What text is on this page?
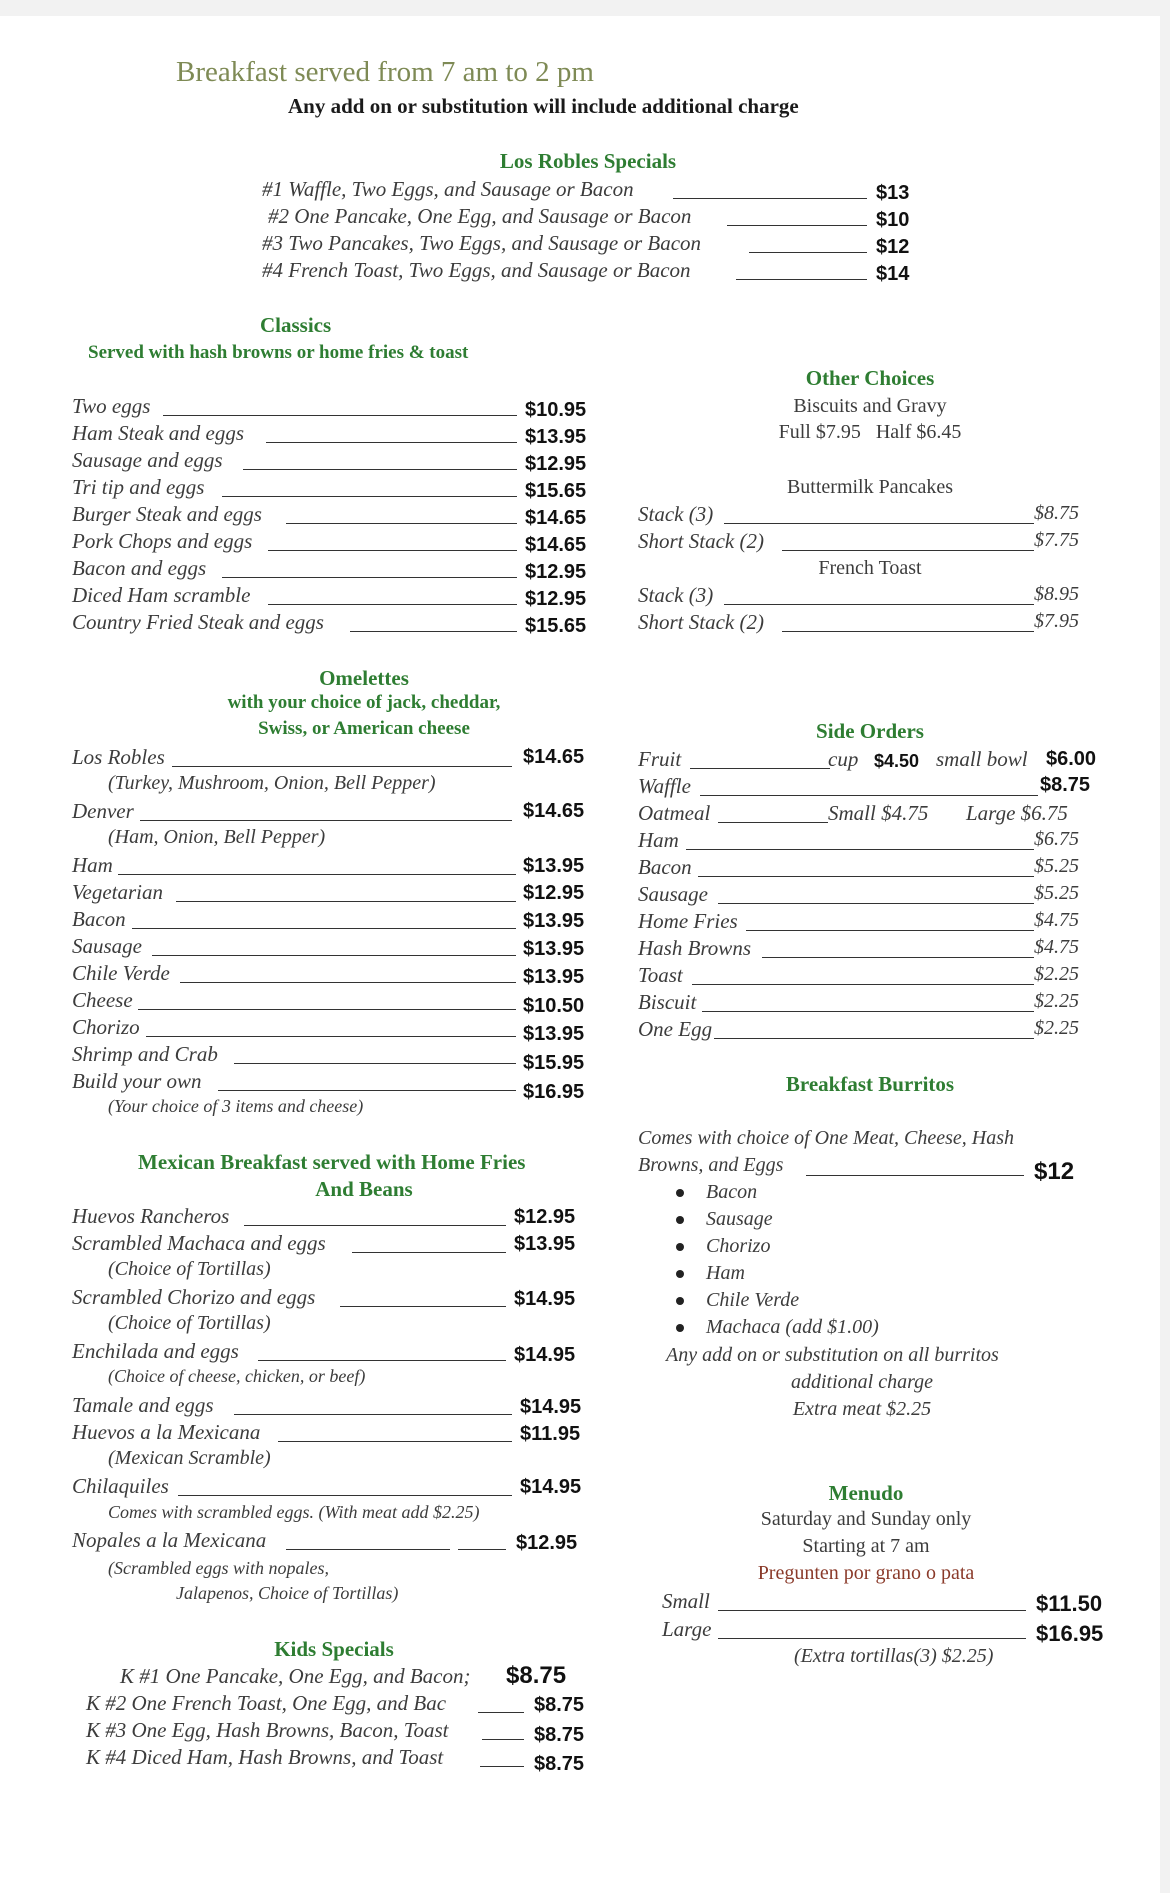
Breakfast served from 7 am to 2 pm
Any add on or substitution will include additional charge
Los Robles Specials
#1 Waffle, Two Eggs, and Sausage or Bacon	$13
#2 One Pancake, One Egg, and Sausage or Bacon	$10
#3 Two Pancakes, Two Eggs, and Sausage or Bacon	$12
#4 French Toast, Two Eggs, and Sausage or Bacon	$14
Classics
Served with hash browns or home fries & toast
Two eggs	$10.95
Ham Steak and eggs	$13.95
Sausage and eggs	$12.95
Tri tip and eggs	$15.65
Burger Steak and eggs	$14.65
Pork Chops and eggs	$14.65
Bacon and eggs	$12.95
Diced Ham scramble	$12.95
Country Fried Steak and eggs	$15.65
Other Choices
Biscuits and Gravy
Full $7.95   Half $6.45
Buttermilk Pancakes
Stack (3)	$8.75
Short Stack (2)	$7.75
French Toast
Stack (3)	$8.95
Short Stack (2)	$7.95
Omelettes
with your choice of jack, cheddar,
Swiss, or American cheese
Los Robles	$14.65
(Turkey, Mushroom, Onion, Bell Pepper)
Denver	$14.65
(Ham, Onion, Bell Pepper)
Ham	$13.95
Vegetarian	$12.95
Bacon	$13.95
Sausage	$13.95
Chile Verde	$13.95
Cheese	$10.50
Chorizo	$13.95
Shrimp and Crab	$15.95
Build your own	$16.95
(Your choice of 3 items and cheese)
Side Orders
Fruit	cup $4.50 small bowl $6.00
Waffle	$8.75
Oatmeal	Small $4.75 Large $6.75
Ham	$6.75
Bacon	$5.25
Sausage	$5.25
Home Fries	$4.75
Hash Browns	$4.75
Toast	$2.25
Biscuit	$2.25
One Egg	$2.25
Breakfast Burritos
Comes with choice of One Meat, Cheese, Hash
Browns, and Eggs	$12
Bacon
Sausage
Chorizo
Ham
Chile Verde
Machaca (add $1.00)
Any add on or substitution on all burritos
additional charge
Extra meat $2.25
Mexican Breakfast served with Home Fries
And Beans
Huevos Rancheros	$12.95
Scrambled Machaca and eggs	$13.95
(Choice of Tortillas)
Scrambled Chorizo and eggs	$14.95
(Choice of Tortillas)
Enchilada and eggs	$14.95
(Choice of cheese, chicken, or beef)
Tamale and eggs	$14.95
Huevos a la Mexicana	$11.95
(Mexican Scramble)
Chilaquiles	$14.95
Comes with scrambled eggs. (With meat add $2.25)
Nopales a la Mexicana	$12.95
(Scrambled eggs with nopales,
Jalapenos, Choice of Tortillas)
Menudo
Saturday and Sunday only
Starting at 7 am
Pregunten por grano o pata
Small	$11.50
Large	$16.95
(Extra tortillas(3) $2.25)
Kids Specials
K #1 One Pancake, One Egg, and Bacon; $8.75
K #2 One French Toast, One Egg, and Bac	$8.75
K #3 One Egg, Hash Browns, Bacon, Toast	$8.75
K #4 Diced Ham, Hash Browns, and Toast	$8.75
